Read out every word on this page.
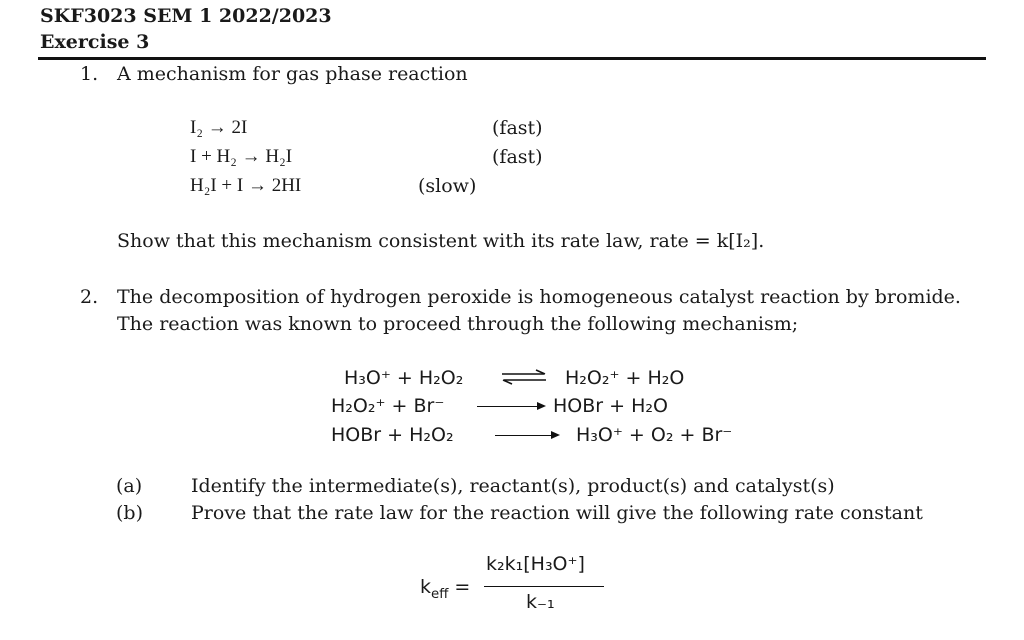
SKF3023 SEM 1 2022/2023
Exercise 3
1. A mechanism for gas phase reaction
I₂ → 2I	(fast)
I + H₂ → H₂I	(fast)
H₂I + I → 2HI	(slow)
Show that this mechanism consistent with its rate law, rate = k[I₂].
2. The decomposition of hydrogen peroxide is homogeneous catalyst reaction by bromide.
The reaction was known to proceed through the following mechanism;
H₃O⁺ + H₂O₂	H₂O₂⁺ + H₂O
H₂O₂⁺ + Br⁻	HOBr + H₂O
HOBr + H₂O₂	H₃O⁺ + O₂ + Br⁻
(a)	Identify the intermediate(s), reactant(s), product(s) and catalyst(s)
(b)	Prove that the rate law for the reaction will give the following rate constant
$k_{eff}$ =
k₂k₁[H₃O⁺]
k₋₁
